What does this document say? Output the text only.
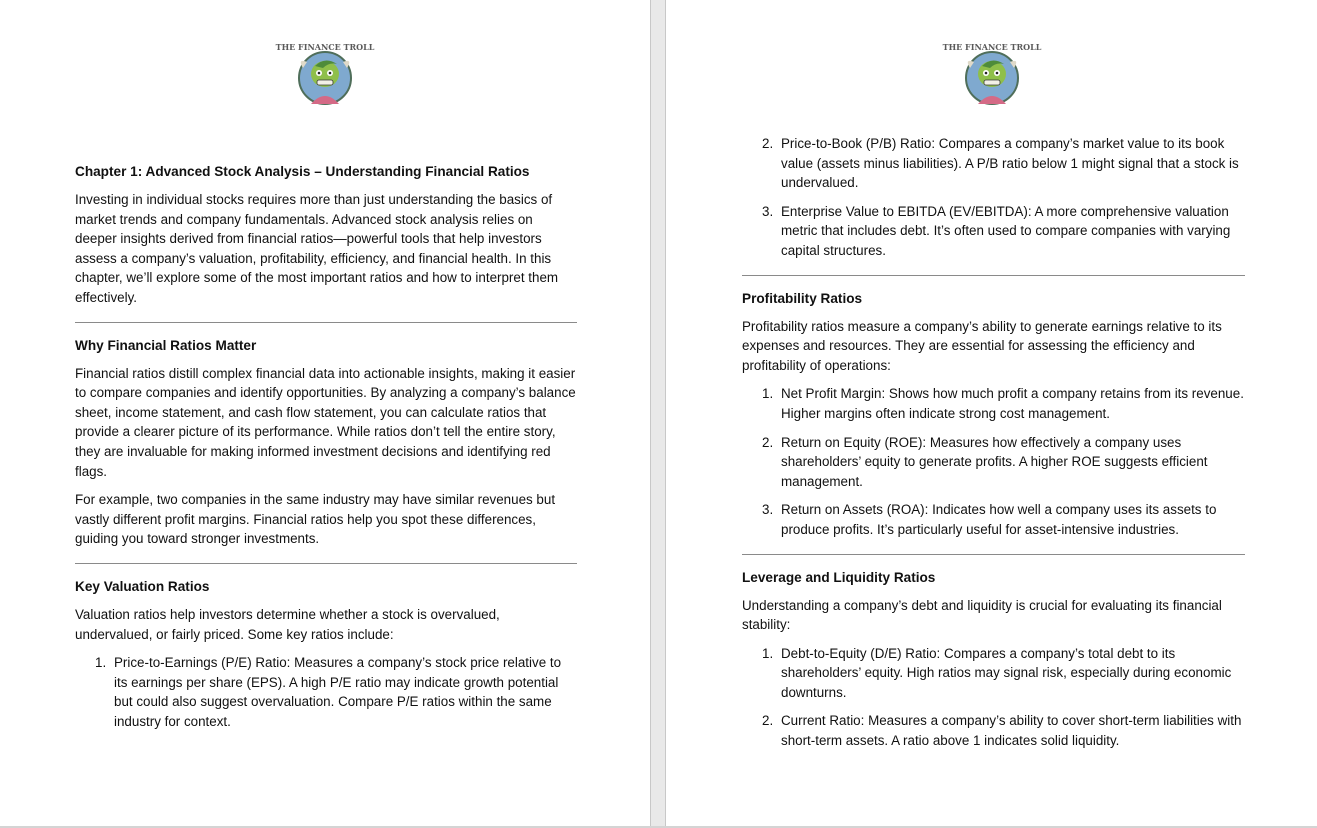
THE FINANCE TROLL
Chapter 1: Advanced Stock Analysis – Understanding Financial Ratios

Investing in individual stocks requires more than just understanding the basics of market trends and company fundamentals. Advanced stock analysis relies on deeper insights derived from financial ratios—powerful tools that help investors assess a company’s valuation, profitability, efficiency, and financial health. In this chapter, we’ll explore some of the most important ratios and how to interpret them effectively.

Why Financial Ratios Matter

Financial ratios distill complex financial data into actionable insights, making it easier to compare companies and identify opportunities. By analyzing a company’s balance sheet, income statement, and cash flow statement, you can calculate ratios that provide a clearer picture of its performance. While ratios don’t tell the entire story, they are invaluable for making informed investment decisions and identifying red flags.

For example, two companies in the same industry may have similar revenues but vastly different profit margins. Financial ratios help you spot these differences, guiding you toward stronger investments.

Key Valuation Ratios

Valuation ratios help investors determine whether a stock is overvalued, undervalued, or fairly priced. Some key ratios include:

1. Price-to-Earnings (P/E) Ratio: Measures a company’s stock price relative to its earnings per share (EPS). A high P/E ratio may indicate growth potential but could also suggest overvaluation. Compare P/E ratios within the same industry for context.
THE FINANCE TROLL
2. Price-to-Book (P/B) Ratio: Compares a company’s market value to its book value (assets minus liabilities). A P/B ratio below 1 might signal that a stock is undervalued.
3. Enterprise Value to EBITDA (EV/EBITDA): A more comprehensive valuation metric that includes debt. It’s often used to compare companies with varying capital structures.
Profitability Ratios

Profitability ratios measure a company’s ability to generate earnings relative to its expenses and resources. They are essential for assessing the efficiency and profitability of operations:

1. Net Profit Margin: Shows how much profit a company retains from its revenue. Higher margins often indicate strong cost management.
2. Return on Equity (ROE): Measures how effectively a company uses shareholders’ equity to generate profits. A higher ROE suggests efficient management.
3. Return on Assets (ROA): Indicates how well a company uses its assets to produce profits. It’s particularly useful for asset-intensive industries.
Leverage and Liquidity Ratios

Understanding a company’s debt and liquidity is crucial for evaluating its financial stability:

1. Debt-to-Equity (D/E) Ratio: Compares a company’s total debt to its shareholders’ equity. High ratios may signal risk, especially during economic downturns.
2. Current Ratio: Measures a company’s ability to cover short-term liabilities with short-term assets. A ratio above 1 indicates solid liquidity.
